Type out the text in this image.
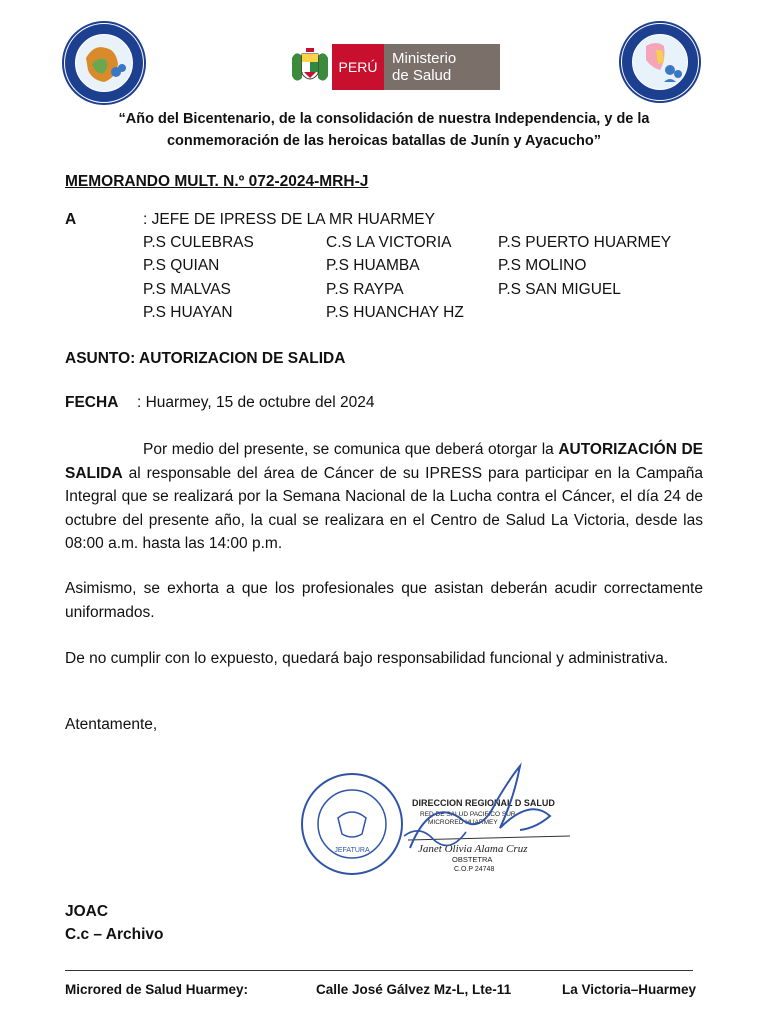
PERÚ Ministerio
de Salud
“Año del Bicentenario, de la consolidación de nuestra Independencia, y de la
conmemoración de las heroicas batallas de Junín y Ayacucho”
MEMORANDO MULT. N.º 072-2024-MRH-J
A	: JEFE DE IPRESS DE LA MR HUARMEY
P.S CULEBRAS	C.S LA VICTORIA	P.S PUERTO HUARMEY
P.S QUIAN	P.S HUAMBA	P.S MOLINO
P.S MALVAS	P.S RAYPA	P.S SAN MIGUEL
P.S HUAYAN	P.S HUANCHAY HZ
ASUNTO: AUTORIZACION DE SALIDA
FECHA : Huarmey, 15 de octubre del 2024
Por medio del presente, se comunica que deberá otorgar la AUTORIZACIÓN DE SALIDA al responsable del área de Cáncer de su IPRESS para participar en la Campaña Integral que se realizará por la Semana Nacional de la Lucha contra el Cáncer, el día 24 de octubre del presente año, la cual se realizara en el Centro de Salud La Victoria, desde las 08:00 a.m. hasta las 14:00 p.m.
Asimismo, se exhorta a que los profesionales que asistan deberán acudir correctamente uniformados.
De no cumplir con lo expuesto, quedará bajo responsabilidad funcional y administrativa.
Atentamente,
JEFATURA
DIRECCION REGIONAL D SALUD
RED DE SALUD PACIFICO SUR
MICRORED HUARMEY
Janet Olivia Alama Cruz
OBSTETRA
C.O.P 24748
JOAC
C.c – Archivo
Microred de Salud Huarmey:	Calle José Gálvez Mz-L, Lte-11	La Victoria–Huarmey
